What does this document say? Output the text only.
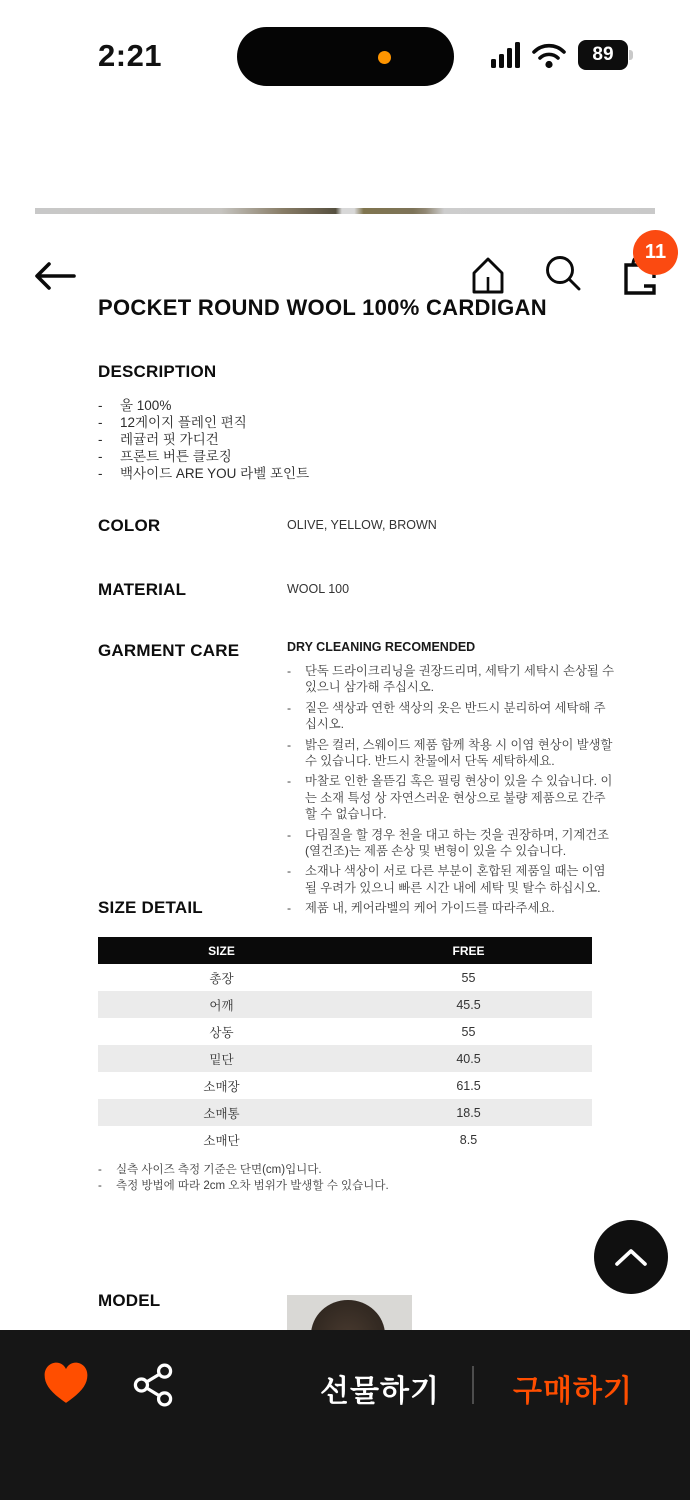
2:21	89
11
POCKET ROUND WOOL 100% CARDIGAN
DESCRIPTION
-	울 100%
-	12게이지 플레인 편직
-	레귤러 핏 가디건
-	프론트 버튼 클로징
-	백사이드 ARE YOU 라벨 포인트
COLOR	OLIVE, YELLOW, BROWN
MATERIAL	WOOL 100
GARMENT CARE	DRY CLEANING RECOMENDED
-	단독 드라이크리닝을 권장드리며, 세탁기 세탁시 손상될 수 있으니 삼가해 주십시오.
-	짙은 색상과 연한 색상의 옷은 반드시 분리하여 세탁해 주십시오.
-	밝은 컬러, 스웨이드 제품 함께 착용 시 이염 현상이 발생할 수 있습니다. 반드시 찬물에서 단독 세탁하세요.
-	마찰로 인한 올뜯김 혹은 필링 현상이 있을 수 있습니다. 이는 소재 특성 상 자연스러운 현상으로 불량 제품으로 간주할 수 없습니다.
-	다림질을 할 경우 천을 대고 하는 것을 권장하며, 기계건조(열건조)는 제품 손상 및 변형이 있을 수 있습니다.
-	소재나 색상이 서로 다른 부분이 혼합된 제품일 때는 이염될 우려가 있으니 빠른 시간 내에 세탁 및 탈수 하십시오.
-	제품 내, 케어라벨의 케어 가이드를 따라주세요.
SIZE DETAIL
SIZE	FREE
총장	55
어깨	45.5
상동	55
밑단	40.5
소매장	61.5
소매통	18.5
소매단	8.5
-	실측 사이즈 측정 기준은 단면(cm)입니다.
-	측정 방법에 따라 2cm 오차 범위가 발생할 수 있습니다.
MODEL
선물하기	구매하기
